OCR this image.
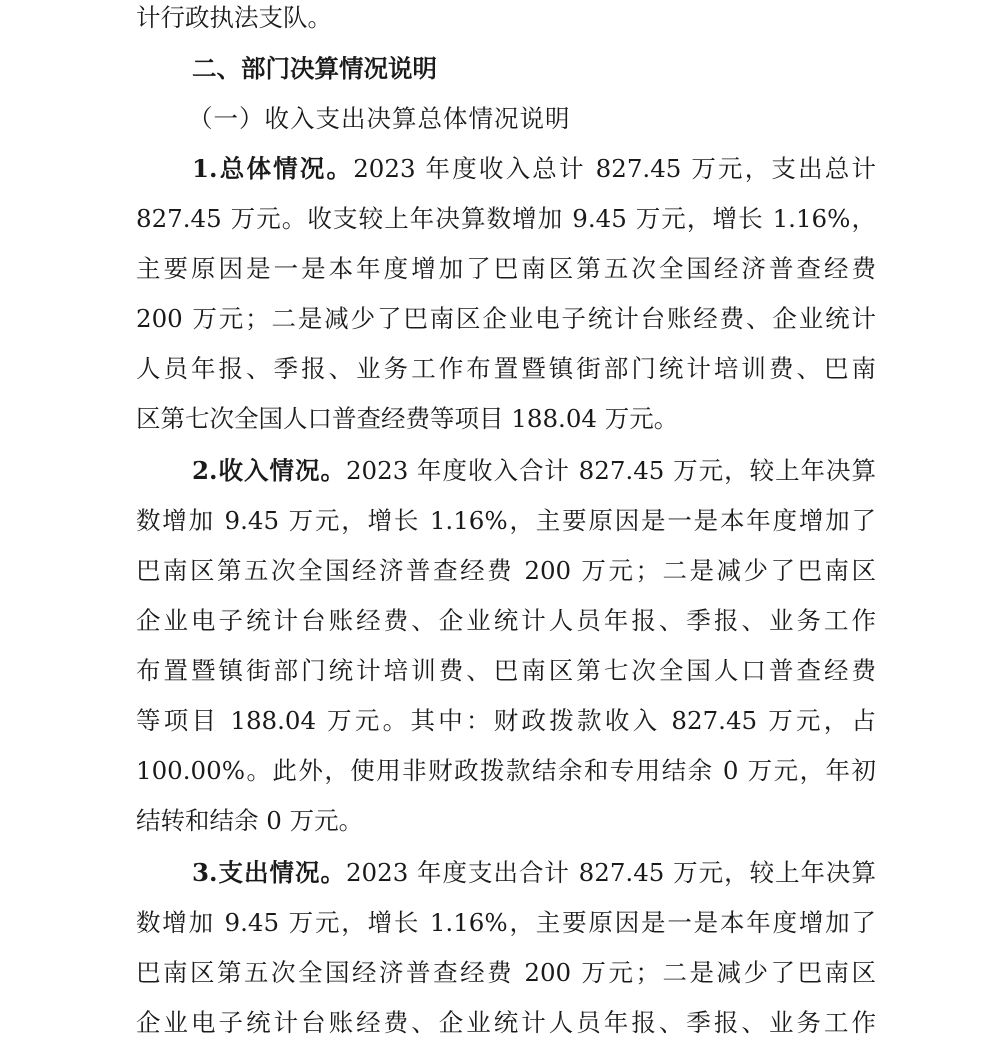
计行政执法支队。
二、部门决算情况说明
（一）收入支出决算总体情况说明
1.总体情况。2023 年度收入总计 827.45 万元，支出总计
827.45 万元。收支较上年决算数增加 9.45 万元，增长 1.16%，
主要原因是一是本年度增加了巴南区第五次全国经济普查经费
200 万元；二是减少了巴南区企业电子统计台账经费、企业统计
人员年报、季报、业务工作布置暨镇街部门统计培训费、巴南
区第七次全国人口普查经费等项目 188.04 万元。
2.收入情况。2023 年度收入合计 827.45 万元，较上年决算
数增加 9.45 万元，增长 1.16%，主要原因是一是本年度增加了
巴南区第五次全国经济普查经费 200 万元；二是减少了巴南区
企业电子统计台账经费、企业统计人员年报、季报、业务工作
布置暨镇街部门统计培训费、巴南区第七次全国人口普查经费
等项目 188.04 万元。其中：财政拨款收入 827.45 万元，占
100.00%。此外，使用非财政拨款结余和专用结余 0 万元，年初
结转和结余 0 万元。
3.支出情况。2023 年度支出合计 827.45 万元，较上年决算
数增加 9.45 万元，增长 1.16%，主要原因是一是本年度增加了
巴南区第五次全国经济普查经费 200 万元；二是减少了巴南区
企业电子统计台账经费、企业统计人员年报、季报、业务工作
